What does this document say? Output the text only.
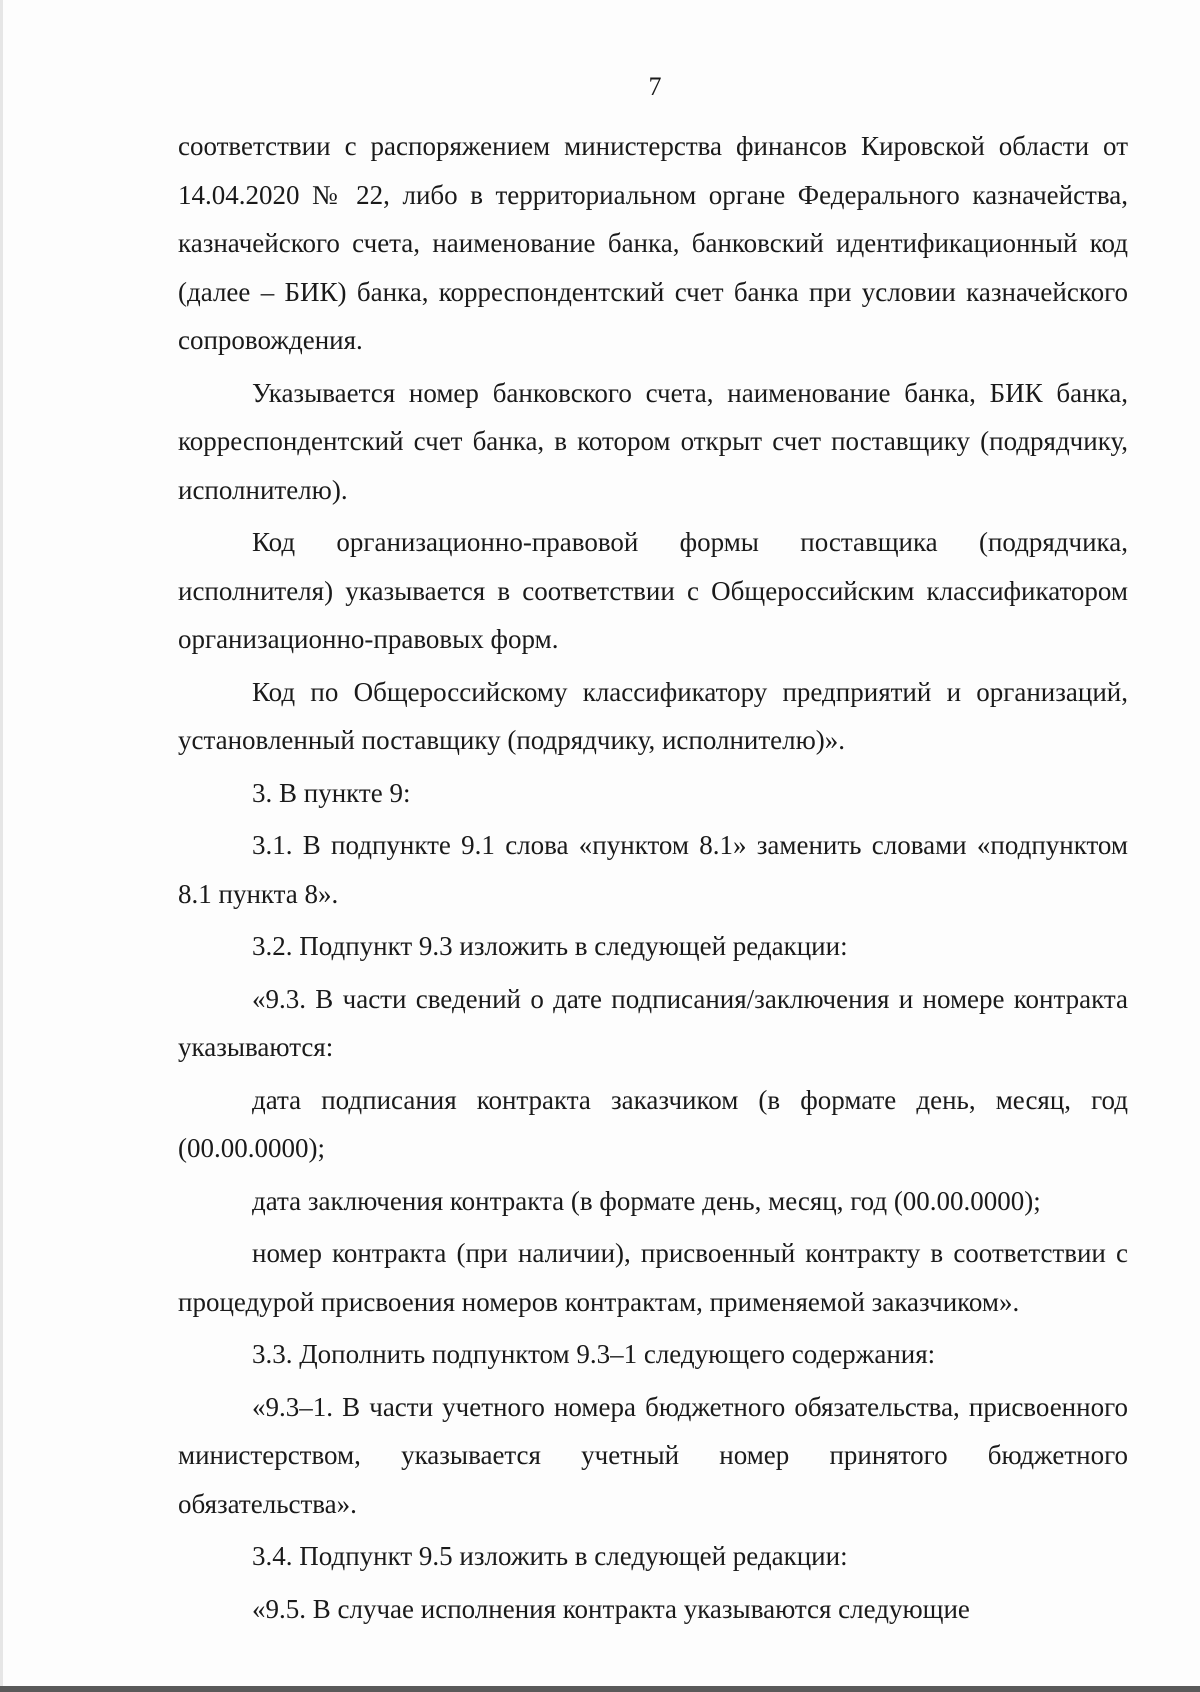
7

соответствии с распоряжением министерства финансов Кировской области от 14.04.2020 № 22, либо в территориальном органе Федерального казначейства, казначейского счета, наименование банка, банковский идентификационный код (далее – БИК) банка, корреспондентский счет банка при условии казначейского сопровождения.

Указывается номер банковского счета, наименование банка, БИК банка, корреспондентский счет банка, в котором открыт счет поставщику (подрядчику, исполнителю).

Код организационно-правовой формы поставщика (подрядчика, исполнителя) указывается в соответствии с Общероссийским классификатором организационно-правовых форм.

Код по Общероссийскому классификатору предприятий и организаций, установленный поставщику (подрядчику, исполнителю)».

3. В пункте 9:

3.1. В подпункте 9.1 слова «пунктом 8.1» заменить словами «подпунктом 8.1 пункта 8».

3.2. Подпункт 9.3 изложить в следующей редакции:

«9.3. В части сведений о дате подписания/заключения и номере контракта указываются:

дата подписания контракта заказчиком (в формате день, месяц, год (00.00.0000);

дата заключения контракта (в формате день, месяц, год (00.00.0000);

номер контракта (при наличии), присвоенный контракту в соответствии с процедурой присвоения номеров контрактам, применяемой заказчиком».

3.3. Дополнить подпунктом 9.3–1 следующего содержания:

«9.3–1. В части учетного номера бюджетного обязательства, присвоенного министерством, указывается учетный номер принятого бюджетного обязательства».

3.4. Подпункт 9.5 изложить в следующей редакции:

«9.5. В случае исполнения контракта указываются следующие
